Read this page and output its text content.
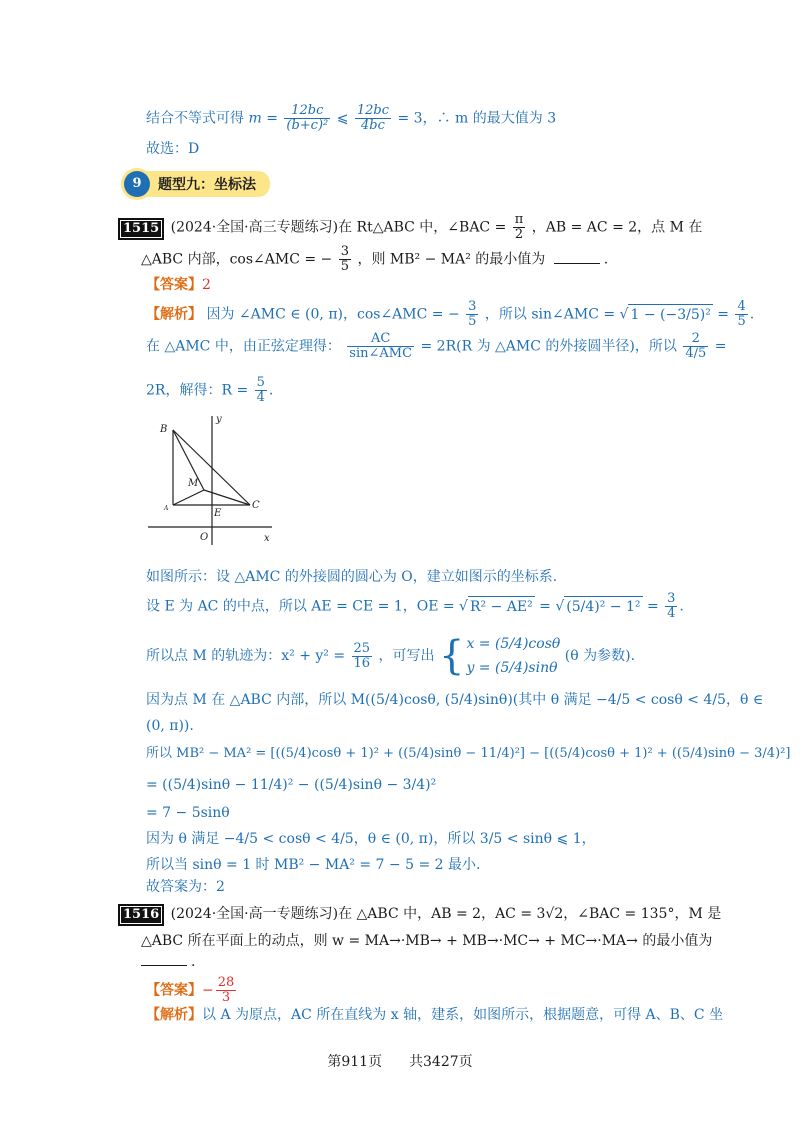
结合不等式可得 $m = \frac{12bc}{\text{(b+c)²}}$ ⩽ $\frac{12bc}{4bc} = 3$，∴ m 的最大值为 3
故选：D
9	题型九：坐标法
1515 (2024·全国·高三专题练习)在 Rt△ABC 中，∠BAC = $\frac{\pi}{2}$ ，AB = AC = 2，点 M 在
△ABC 内部，cos∠AMC = − $\frac{3}{5}$ ，则 MB² − MA² 的最小值为	.
【答案】2
【解析】 因为 ∠AMC ∈ (0, π)，cos∠AMC = − $\frac{3}{5}$ ，所以 sin∠AMC = √ $1 - (-3/5)^2 = \frac{4}{5}$ .
在 △AMC 中，由正弦定理得： $\frac{AC}{\text{sin∠AMC}} = 2R(R$ 为 △AMC 的外接圆半径)，所以 $\frac{2}{4/5}$ =
2R，解得：$R = \frac{5}{4}$ .
B
y
M
C
A	E
O	x
如图所示：设 △AMC 的外接圆的圆心为 O，建立如图示的坐标系.
设 E 为 AC 的中点，所以 AE = CE = 1，OE = √ R² − AE² = √ $(5/4)^2 - 1^2 = \frac{3}{4}$ .
所以点 M 的轨迹为：$x^2 + y^2 = \frac{25}{16}$ ，可写出 { x = (5/4)cosθ
y = (5/4)sinθ
(θ 为参数).
因为点 M 在 △ABC 内部，所以 M((5/4)cosθ, (5/4)sinθ)(其中 θ 满足 −4/5 < cosθ < 4/5，θ ∈
(0, π)).
所以 MB² − MA² = [((5/4)cosθ + 1)² + ((5/4)sinθ − 11/4)²] − [((5/4)cosθ + 1)² + ((5/4)sinθ − 3/4)²]
= ((5/4)sinθ − 11/4)² − ((5/4)sinθ − 3/4)²
= 7 − 5sinθ
因为 θ 满足 −4/5 < cosθ < 4/5，θ ∈ (0, π)，所以 3/5 < sinθ ⩽ 1，
所以当 sinθ = 1 时 MB² − MA² = 7 − 5 = 2 最小.
故答案为：2
1516 (2024·全国·高一专题练习)在 △ABC 中，AB = 2，AC = 3√2，∠BAC = 135°，M 是
△ABC 所在平面上的动点，则 w = MA→·MB→ + MB→·MC→ + MC→·MA→ 的最小值为
.
【答案】− $\frac{28}{3}$
【解析】以 A 为原点，AC 所在直线为 x 轴，建系，如图所示，根据题意，可得 A、B、C 坐
第911页 共3427页
